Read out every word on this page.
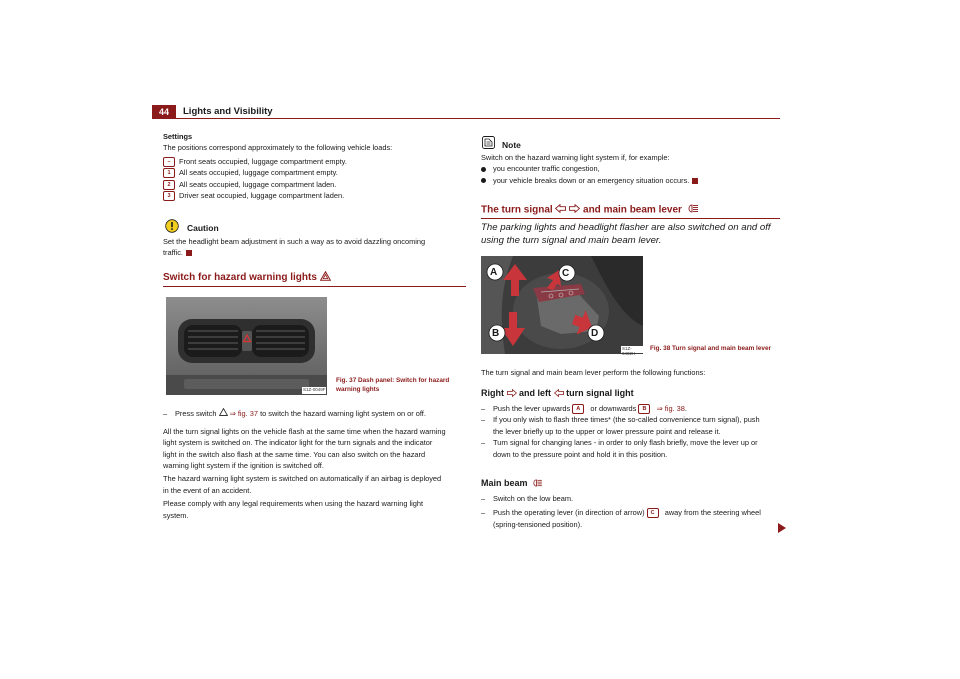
44	Lights and Visibility
Settings
The positions correspond approximately to the following vehicle loads:
– Front seats occupied, luggage compartment empty.
1 All seats occupied, luggage compartment empty.
2 All seats occupied, luggage compartment laden.
3 Driver seat occupied, luggage compartment laden.
Caution
Set the headlight beam adjustment in such a way as to avoid dazzling oncoming
traffic.
Switch for hazard warning lights
S1Z-0049F
Fig. 37 Dash panel: Switch for hazard
warning lights
– Press switch ⇒ fig. 37 to switch the hazard warning light system on or off.
All the turn signal lights on the vehicle flash at the same time when the hazard warning
light system is switched on. The indicator light for the turn signals and the indicator
light in the switch also flash at the same time. You can also switch on the hazard
warning light system if the ignition is switched off.
The hazard warning light system is switched on automatically if an airbag is deployed
in the event of an accident.
Please comply with any legal requirements when using the hazard warning light
system.
Note
Switch on the hazard warning light system if, for example:
you encounter traffic congestion,
your vehicle breaks down or an emergency situation occurs.
The turn signal	and main beam lever
The parking lights and headlight flasher are also switched on and off
using the turn signal and main beam lever.
A
B
C
D
S1Z-0402H
Fig. 38 Turn signal and main beam lever
The turn signal and main beam lever perform the following functions:
Right and left turn signal light
– Push the lever upwards A or downwards B ⇒ fig. 38.
– If you only wish to flash three times* (the so-called convenience turn signal), push
the lever briefly up to the upper or lower pressure point and release it.
– Turn signal for changing lanes - in order to only flash briefly, move the lever up or
down to the pressure point and hold it in this position.
Main beam
– Switch on the low beam.
– Push the operating lever (in direction of arrow) C away from the steering wheel
(spring-tensioned position).
